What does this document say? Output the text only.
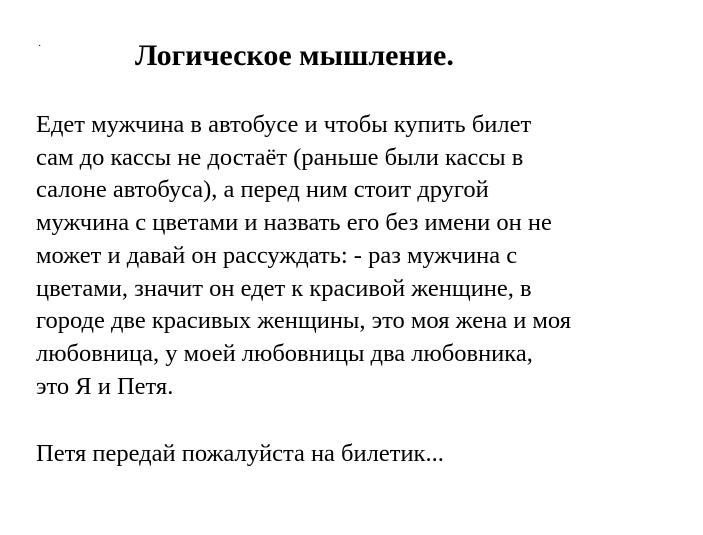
·	Логическое мышление.

Едет мужчина в автобусе и чтобы купить билет
сам до кассы не достаёт (раньше были кассы в
салоне автобуса), а перед ним стоит другой
мужчина с цветами и назвать его без имени он не
может и давай он рассуждать: - раз мужчина с
цветами, значит он едет к красивой женщине, в
городе две красивых женщины, это моя жена и моя
любовница, у моей любовницы два любовника,
это Я и Петя.

Петя передай пожалуйста на билетик...
